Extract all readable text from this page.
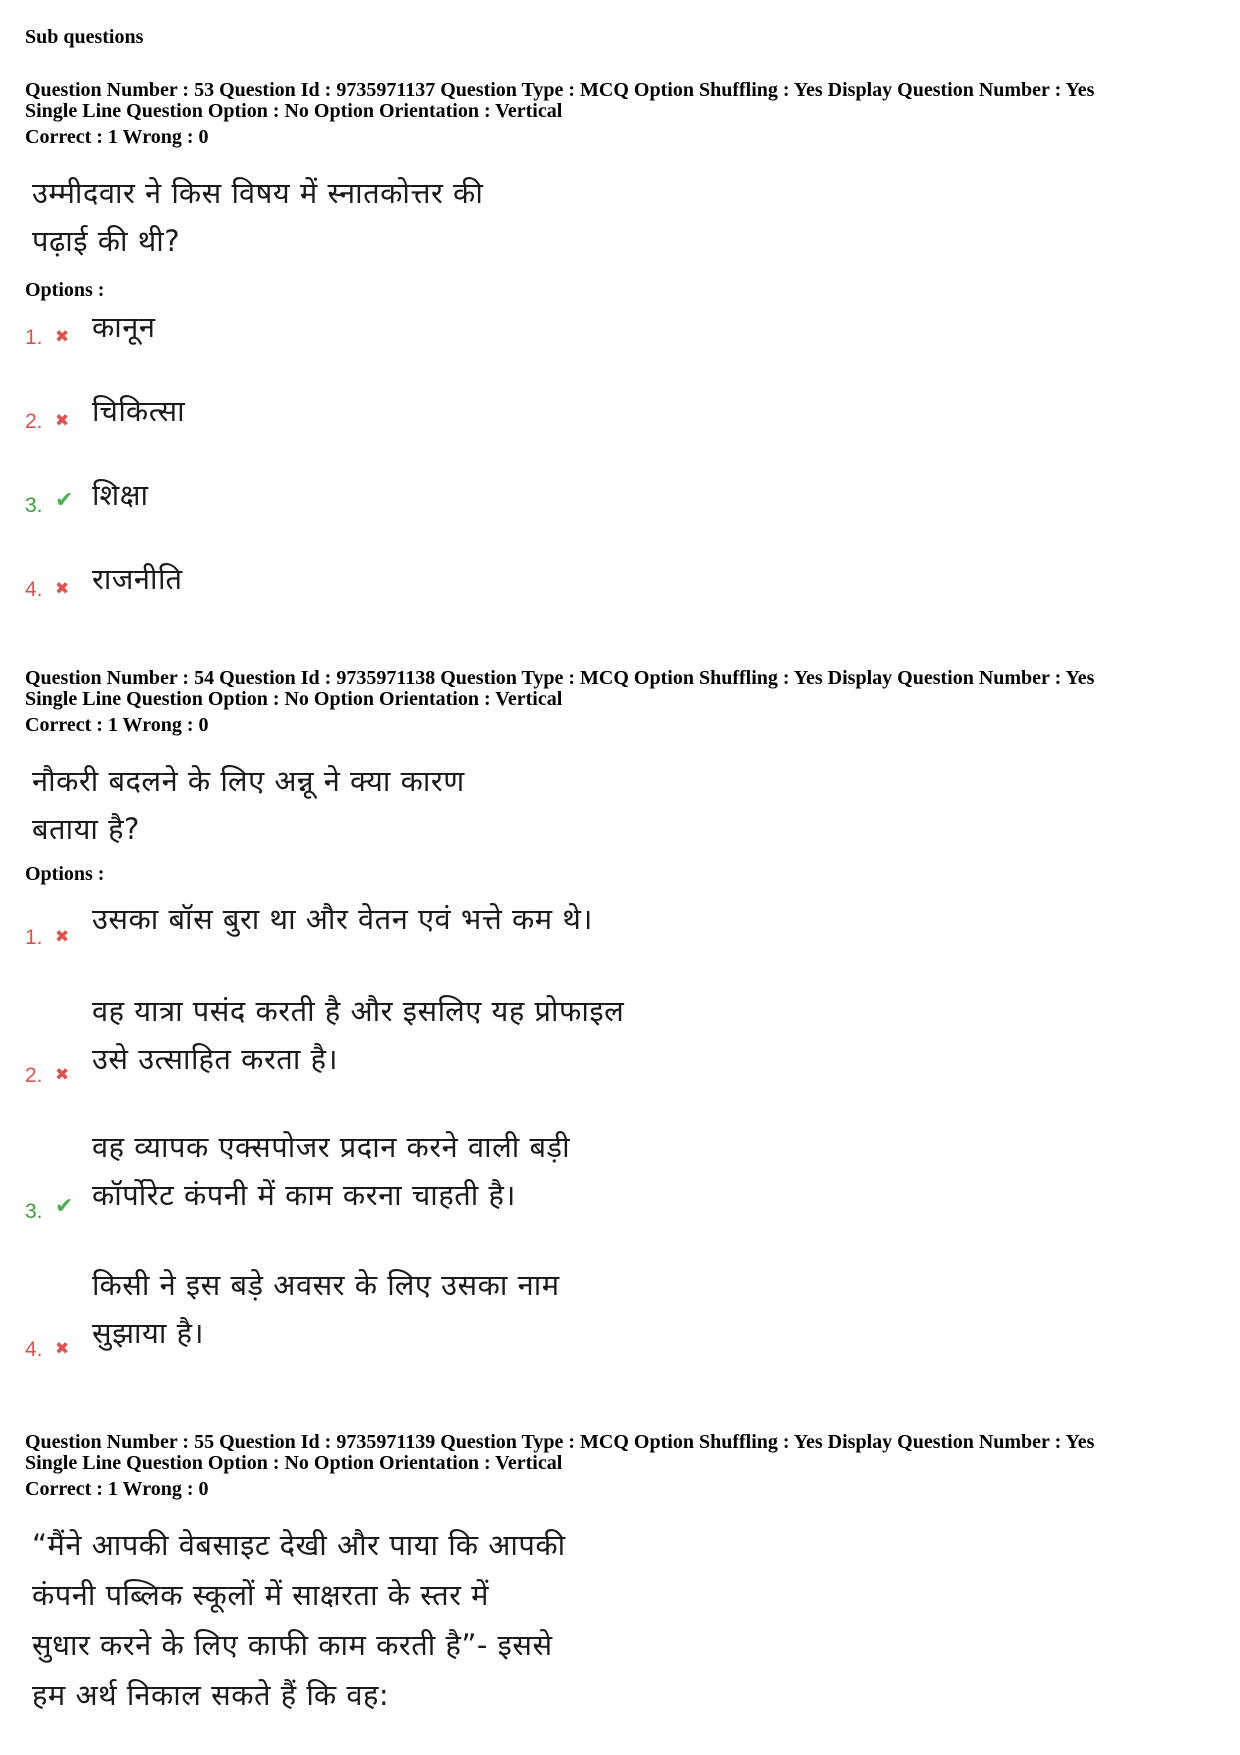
Sub questions
Question Number : 53 Question Id : 9735971137 Question Type : MCQ Option Shuffling : Yes Display Question Number : Yes
Single Line Question Option : No Option Orientation : Vertical
Correct : 1 Wrong : 0
उम्मीदवार ने किस विषय में स्नातकोत्तर की
पढ़ाई की थी?
Options :
1. ✖ कानून
2. ✖ चिकित्सा
3. ✔ शिक्षा
4. ✖ राजनीति
Question Number : 54 Question Id : 9735971138 Question Type : MCQ Option Shuffling : Yes Display Question Number : Yes
Single Line Question Option : No Option Orientation : Vertical
Correct : 1 Wrong : 0
नौकरी बदलने के लिए अन्नू ने क्या कारण
बताया है?
Options :
1. ✖
उसका बॉस बुरा था और वेतन एवं भत्ते कम थे।
2. ✖
वह यात्रा पसंद करती है और इसलिए यह प्रोफाइल
उसे उत्साहित करता है।
3. ✔
वह व्यापक एक्सपोजर प्रदान करने वाली बड़ी
कॉर्पोरेट कंपनी में काम करना चाहती है।
4. ✖
किसी ने इस बड़े अवसर के लिए उसका नाम
सुझाया है।
Question Number : 55 Question Id : 9735971139 Question Type : MCQ Option Shuffling : Yes Display Question Number : Yes
Single Line Question Option : No Option Orientation : Vertical
Correct : 1 Wrong : 0
“मैंने आपकी वेबसाइट देखी और पाया कि आपकी
कंपनी पब्लिक स्कूलों में साक्षरता के स्तर में
सुधार करने के लिए काफी काम करती है”- इससे
हम अर्थ निकाल सकते हैं कि वह:
